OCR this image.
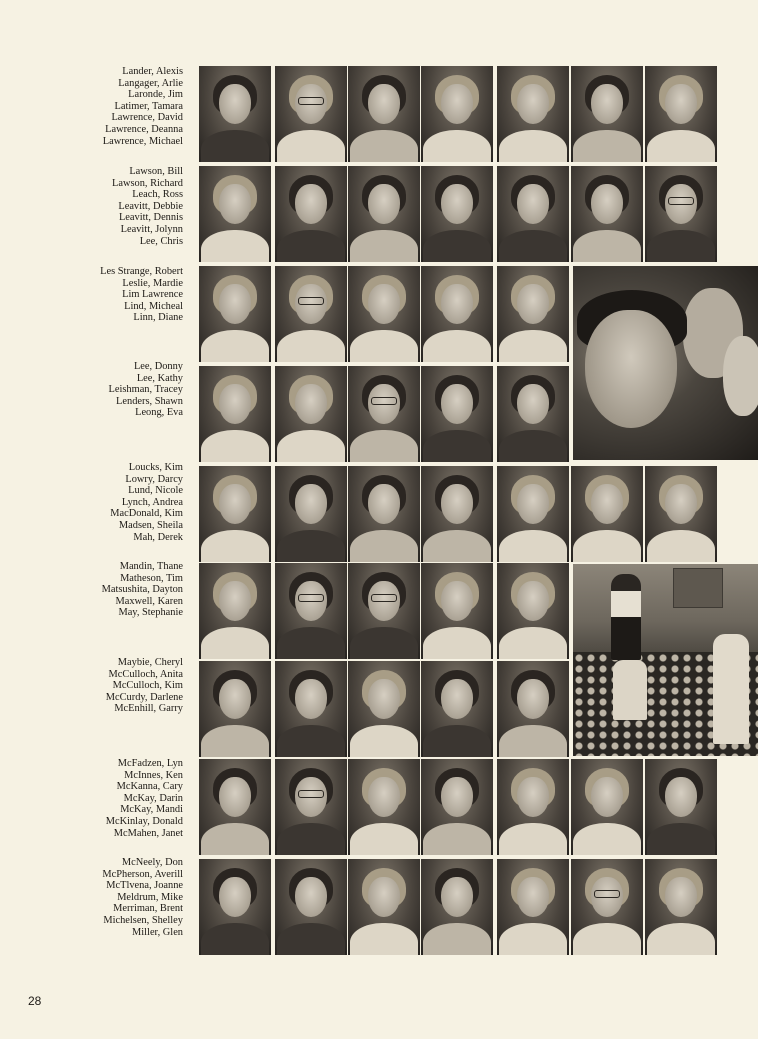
Lander, Alexis
Langager, Arlie
Laronde, Jim
Latimer, Tamara
Lawrence, David
Lawrence, Deanna
Lawrence, Michael
Lawson, Bill
Lawson, Richard
Leach, Ross
Leavitt, Debbie
Leavitt, Dennis
Leavitt, Jolynn
Lee, Chris
Les Strange, Robert
Leslie, Mardie
Lim Lawrence
Lind, Micheal
Linn, Diane
Lee, Donny
Lee, Kathy
Leishman, Tracey
Lenders, Shawn
Leong, Eva
Loucks, Kim
Lowry, Darcy
Lund, Nicole
Lynch, Andrea
MacDonald, Kim
Madsen, Sheila
Mah, Derek
Mandin, Thane
Matheson, Tim
Matsushita, Dayton
Maxwell, Karen
May, Stephanie
Maybie, Cheryl
McCulloch, Anita
McCulloch, Kim
McCurdy, Darlene
McEnhill, Garry
McFadzen, Lyn
McInnes, Ken
McKanna, Cary
McKay, Darin
McKay, Mandi
McKinlay, Donald
McMahen, Janet
McNeely, Don
McPherson, Averill
McTlvena, Joanne
Meldrum, Mike
Merriman, Brent
Michelsen, Shelley
Miller, Glen
28
